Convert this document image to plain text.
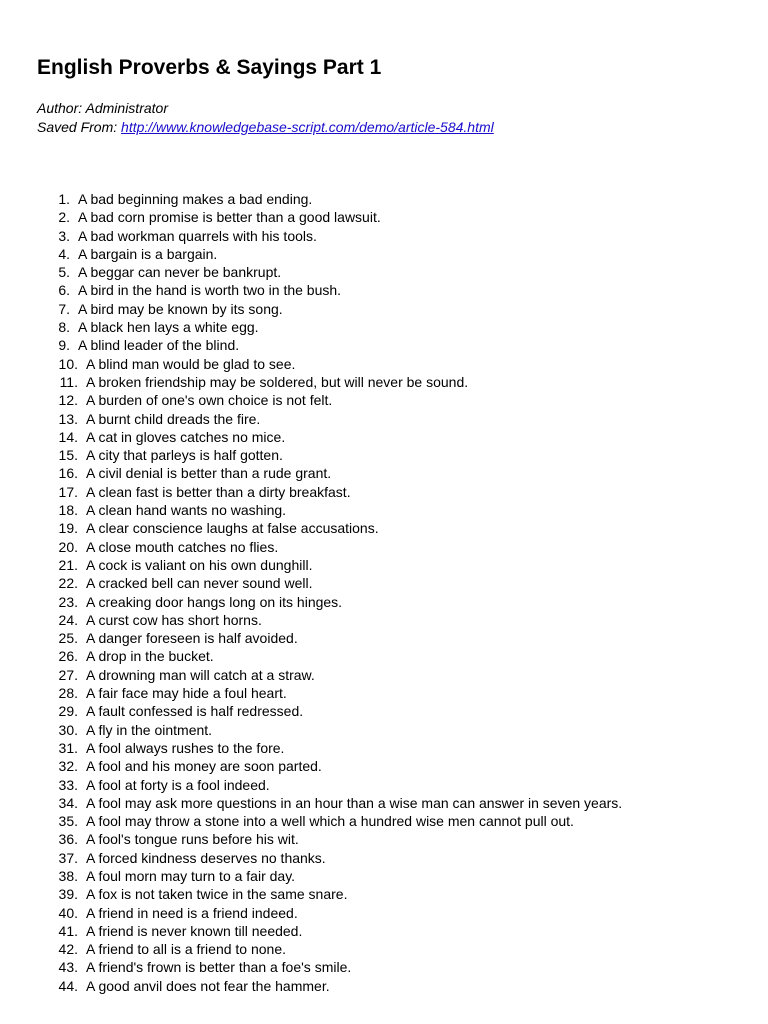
English Proverbs & Sayings Part 1
Author: Administrator
Saved From: http://www.knowledgebase-script.com/demo/article-584.html
1. A bad beginning makes a bad ending.
2. A bad corn promise is better than a good lawsuit.
3. A bad workman quarrels with his tools.
4. A bargain is a bargain.
5. A beggar can never be bankrupt.
6. A bird in the hand is worth two in the bush.
7. A bird may be known by its song.
8. A black hen lays a white egg.
9. A blind leader of the blind.
10. A blind man would be glad to see.
11. A broken friendship may be soldered, but will never be sound.
12. A burden of one's own choice is not felt.
13. A burnt child dreads the fire.
14. A cat in gloves catches no mice.
15. A city that parleys is half gotten.
16. A civil denial is better than a rude grant.
17. A clean fast is better than a dirty breakfast.
18. A clean hand wants no washing.
19. A clear conscience laughs at false accusations.
20. A close mouth catches no flies.
21. A cock is valiant on his own dunghill.
22. A cracked bell can never sound well.
23. A creaking door hangs long on its hinges.
24. A curst cow has short horns.
25. A danger foreseen is half avoided.
26. A drop in the bucket.
27. A drowning man will catch at a straw.
28. A fair face may hide a foul heart.
29. A fault confessed is half redressed.
30. A fly in the ointment.
31. A fool always rushes to the fore.
32. A fool and his money are soon parted.
33. A fool at forty is a fool indeed.
34. A fool may ask more questions in an hour than a wise man can answer in seven years.
35. A fool may throw a stone into a well which a hundred wise men cannot pull out.
36. A fool's tongue runs before his wit.
37. A forced kindness deserves no thanks.
38. A foul morn may turn to a fair day.
39. A fox is not taken twice in the same snare.
40. A friend in need is a friend indeed.
41. A friend is never known till needed.
42. A friend to all is a friend to none.
43. A friend's frown is better than a foe's smile.
44. A good anvil does not fear the hammer.
